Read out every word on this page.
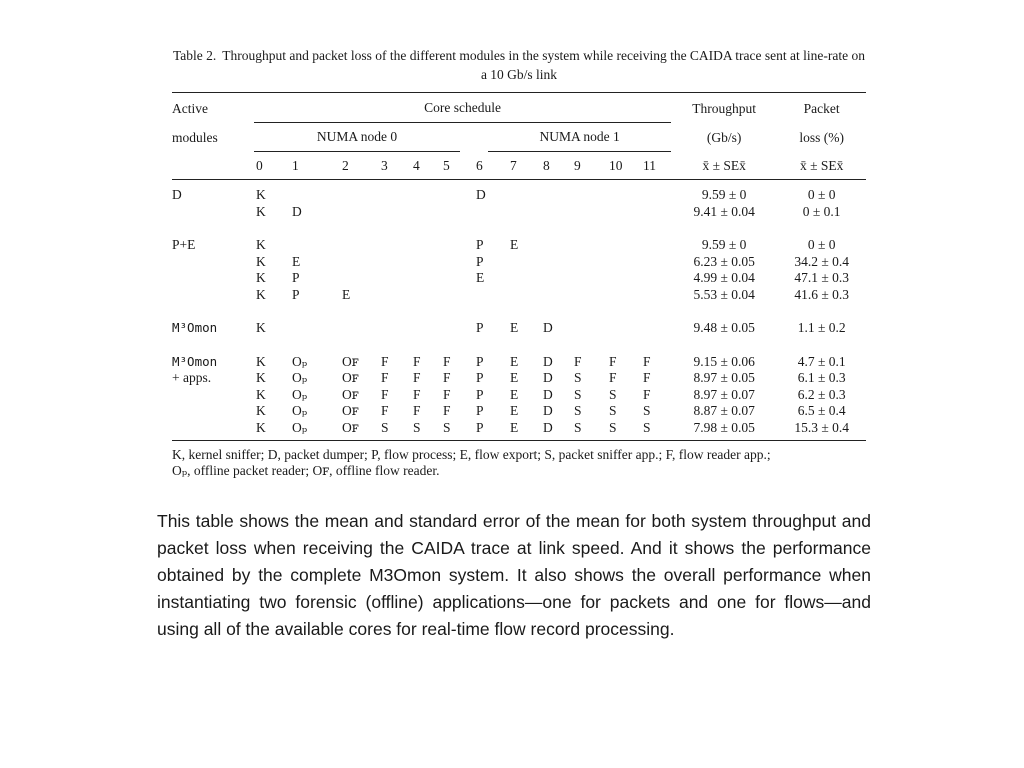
Table 2. Throughput and packet loss of the different modules in the system while receiving the CAIDA trace sent at line-rate on a 10 Gb/s link
Active	Core schedule												Throughput	Packet
modules	NUMA node 0						NUMA node 1						(Gb/s)	loss (%)
	0	1	2	3	4	5	6	7	8	9	10	11	x̄ ± SEx̄	x̄ ± SEx̄
D	K						D						9.59 ± 0	0 ± 0
	K	D											9.41 ± 0.04	0 ± 0.1
P+E	K						P	E					9.59 ± 0	0 ± 0
	K	E					P						6.23 ± 0.05	34.2 ± 0.4
	K	P					E						4.99 ± 0.04	47.1 ± 0.3
	K	P	E										5.53 ± 0.04	41.6 ± 0.3
M³Omon	K						P	E	D				9.48 ± 0.05	1.1 ± 0.2
M³Omon	K	Oₚ	Oꜰ	F	F	F	P	E	D	F	F	F	9.15 ± 0.06	4.7 ± 0.1
+ apps.	K	Oₚ	Oꜰ	F	F	F	P	E	D	S	F	F	8.97 ± 0.05	6.1 ± 0.3
	K	Oₚ	Oꜰ	F	F	F	P	E	D	S	S	F	8.97 ± 0.07	6.2 ± 0.3
	K	Oₚ	Oꜰ	F	F	F	P	E	D	S	S	S	8.87 ± 0.07	6.5 ± 0.4
	K	Oₚ	Oꜰ	S	S	S	P	E	D	S	S	S	7.98 ± 0.05	15.3 ± 0.4
K, kernel sniffer; D, packet dumper; P, flow process; E, flow export; S, packet sniffer app.; F, flow reader app.;
Oₚ, offline packet reader; Oꜰ, offline flow reader.

This table shows the mean and standard error of the mean for both system throughput and packet loss when receiving the CAIDA trace at link speed. And it shows the performance obtained by the complete M3Omon system. It also shows the overall performance when instantiating two forensic (offline) applications—one for packets and one for flows—and using all of the available cores for real-time flow record processing.
